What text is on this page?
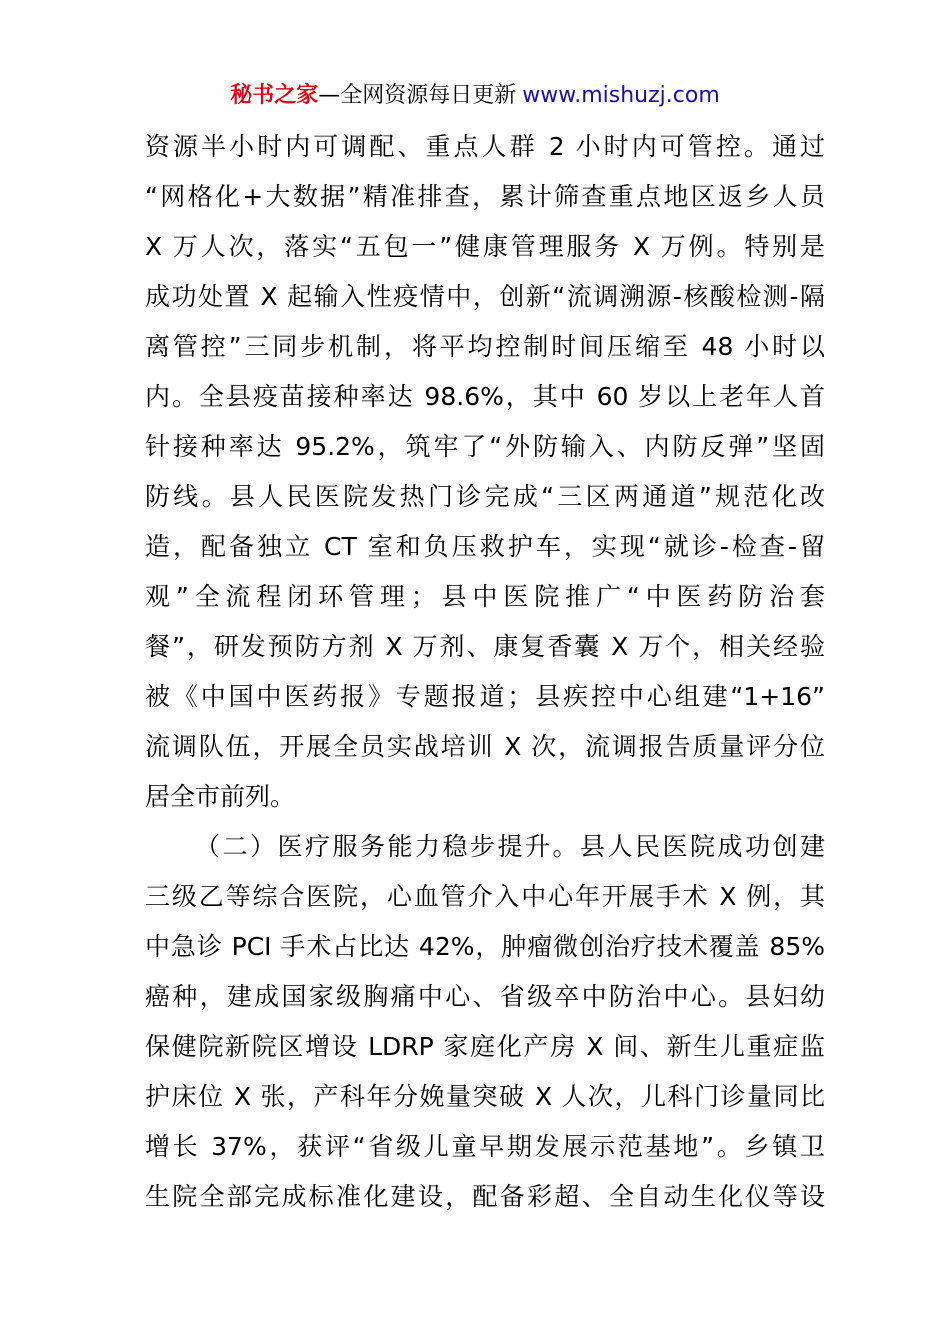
秘书之家—全网资源每日更新 www.mishuzj.com
资源半小时内可调配、重点人群 2 小时内可管控。通过
“网格化+大数据”精准排查，累计筛查重点地区返乡人员
X 万人次，落实“五包一”健康管理服务 X 万例。特别是
成功处置 X 起输入性疫情中，创新“流调溯源-核酸检测-隔
离管控”三同步机制，将平均控制时间压缩至 48 小时以
内。全县疫苗接种率达 98.6%，其中 60 岁以上老年人首
针接种率达 95.2%，筑牢了“外防输入、内防反弹”坚固
防线。县人民医院发热门诊完成“三区两通道”规范化改
造，配备独立 CT 室和负压救护车，实现“就诊-检查-留
观”全流程闭环管理；县中医院推广“中医药防治套
餐”，研发预防方剂 X 万剂、康复香囊 X 万个，相关经验
被《中国中医药报》专题报道；县疾控中心组建“1+16”
流调队伍，开展全员实战培训 X 次，流调报告质量评分位
居全市前列。
（二）医疗服务能力稳步提升。县人民医院成功创建
三级乙等综合医院，心血管介入中心年开展手术 X 例，其
中急诊 PCI 手术占比达 42%，肿瘤微创治疗技术覆盖 85%
癌种，建成国家级胸痛中心、省级卒中防治中心。县妇幼
保健院新院区增设 LDRP 家庭化产房 X 间、新生儿重症监
护床位 X 张，产科年分娩量突破 X 人次，儿科门诊量同比
增长 37%，获评“省级儿童早期发展示范基地”。乡镇卫
生院全部完成标准化建设，配备彩超、全自动生化仪等设
